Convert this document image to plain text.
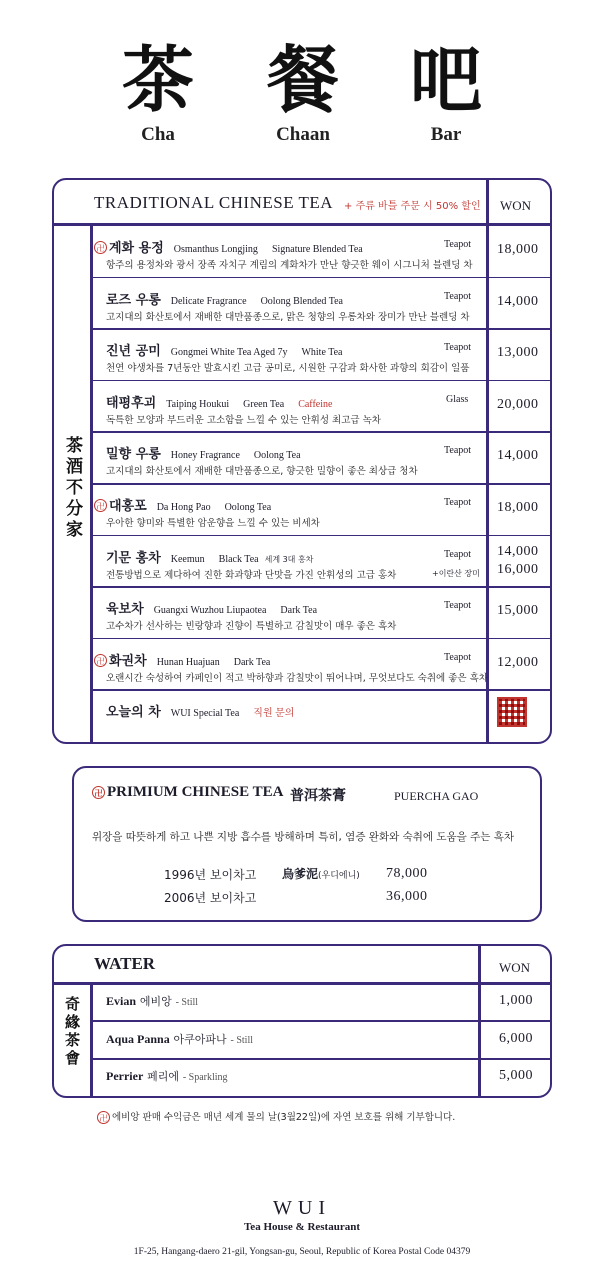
茶 餐 吧
Cha	Chaan	Bar
TRADITIONAL CHINESE TEA + 주류 바틀 주문 시 50% 할인 WON
茶酒不分家
卍 계화 용정 Osmanthus Longjing Signature Blended Tea	Teapot
항주의 용정차와 광서 장족 자치구 계림의 계화차가 만난 향긋한 웨이 시그니처 블렌딩 차
18,000
로즈 우롱 Delicate Fragrance Oolong Blended Tea	Teapot
고지대의 화산토에서 재배한 대만품종으로, 맑은 청향의 우롱차와 장미가 만난 블렌딩 차
14,000
진년 공미 Gongmei White Tea Aged 7y White Tea	Teapot
천연 야생차를 7년동안 발효시킨 고급 공미로, 시원한 구감과 화사한 과향의 회감이 일품
13,000
태평후괴 Taiping Houkui Green Tea Caffeine	Glass
독특한 모양과 부드러운 고소함을 느낄 수 있는 안휘성 최고급 녹차
20,000
밀향 우롱 Honey Fragrance Oolong Tea	Teapot
고지대의 화산토에서 재배한 대만품종으로, 향긋한 밀향이 좋은 최상급 청차
14,000
卍 대홍포 Da Hong Pao Oolong Tea	Teapot
우아한 향미와 특별한 암운향을 느낄 수 있는 비세차
18,000
기문 홍차 Keemun Black Tea 세계 3대 홍차	Teapot
전통방법으로 제다하여 진한 화과향과 단맛을 가진 안휘성의 고급 홍차	+이란산 장미
14,000
16,000
육보차 Guangxi Wuzhou Liupaotea Dark Tea	Teapot
고수차가 선사하는 빈랑향과 진향이 특별하고 감칠맛이 매우 좋은 흑차
15,000
卍 화권차 Hunan Huajuan Dark Tea	Teapot
오랜시간 숙성하여 카페인이 적고 박하향과 감칠맛이 뛰어나며, 무엇보다도 숙취에 좋은 흑차
12,000
오늘의 차 WUI Special Tea 직원 문의
卍 PRIMIUM CHINESE TEA 普洱茶膏	PUERCHA GAO
위장을 따뜻하게 하고 나쁜 지방 흡수를 방해하며 특히, 염증 완화와 숙취에 도움을 주는 흑차
1996년 보이차고 烏爹泥(우디에니) 78,000
2006년 보이차고	36,000
WATER	WON
奇緣茶會 Evian 에비앙 - Still	1,000
Aqua Panna 아쿠아파나 - Still	6,000
Perrier 페리에 - Sparkling	5,000
卍 에비앙 판매 수익금은 매년 세계 물의 날(3월22일)에 자연 보호를 위해 기부합니다.
WUI
Tea House & Restaurant
1F-25, Hangang-daero 21-gil, Yongsan-gu, Seoul, Republic of Korea Postal Code 04379
